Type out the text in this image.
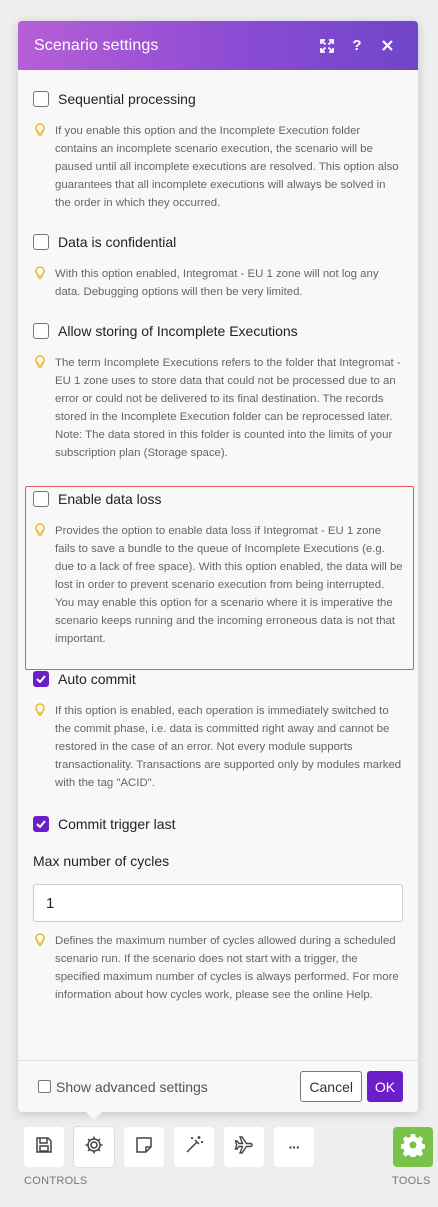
Scenario settings	?
Sequential processing
If you enable this option and the Incomplete Execution folder contains an incomplete scenario execution, the scenario will be paused until all incomplete executions are resolved. This option also guarantees that all incomplete executions will always be solved in the order in which they occurred.
Data is confidential
With this option enabled, Integromat - EU 1 zone will not log any data. Debugging options will then be very limited.
Allow storing of Incomplete Executions
The term Incomplete Executions refers to the folder that Integromat - EU 1 zone uses to store data that could not be processed due to an error or could not be delivered to its final destination. The records stored in the Incomplete Execution folder can be reprocessed later. Note: The data stored in this folder is counted into the limits of your subscription plan (Storage space).
Enable data loss
Provides the option to enable data loss if Integromat - EU 1 zone fails to save a bundle to the queue of Incomplete Executions (e.g. due to a lack of free space). With this option enabled, the data will be lost in order to prevent scenario execution from being interrupted. You may enable this option for a scenario where it is imperative the scenario keeps running and the incoming erroneous data is not that important.
Auto commit
If this option is enabled, each operation is immediately switched to the commit phase, i.e. data is committed right away and cannot be restored in the case of an error. Not every module supports transactionality. Transactions are supported only by modules marked with the tag "ACID".
Commit trigger last
Max number of cycles
1
Defines the maximum number of cycles allowed during a scheduled scenario run. If the scenario does not start with a trigger, the specified maximum number of cycles is always performed. For more information about how cycles work, please see the online Help.
Show advanced settings	Cancel	OK
···
CONTROLS	TOOLS
